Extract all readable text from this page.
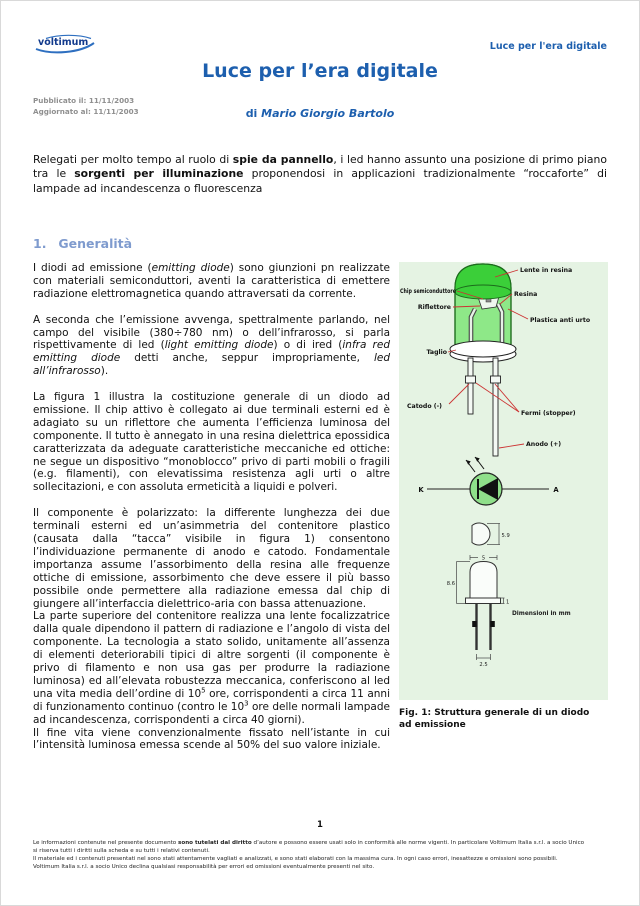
voltimum	Luce per l'era digitale
Luce per l’era digitale
Pubblicato il: 11/11/2003
Aggiornato al: 11/11/2003	di Mario Giorgio Bartolo
Relegati per molto tempo al ruolo di spie da pannello, i led hanno assunto una posizione di primo piano tra le sorgenti per illuminazione proponendosi in applicazioni tradizionalmente “roccaforte” di lampade ad incandescenza o fluorescenza
1. Generalità

I diodi ad emissione (emitting diode) sono giunzioni pn realizzate con materiali semiconduttori, aventi la caratteristica di emettere radiazione elettromagnetica quando attraversati da corrente.

A seconda che l’emissione avvenga, spettralmente parlando, nel campo del visibile (380÷780 nm) o dell’infrarosso, si parla rispettivamente di led (light emitting diode) o di ired (infra red emitting diode detti anche, seppur impropriamente, led all’infrarosso).

La figura 1 illustra la costituzione generale di un diodo ad emissione. Il chip attivo è collegato ai due terminali esterni ed è adagiato su un riflettore che aumenta l’efficienza luminosa del componente. Il tutto è annegato in una resina dielettrica epossidica caratterizzata da adeguate caratteristiche meccaniche ed ottiche: ne segue un dispositivo “monoblocco” privo di parti mobili o fragili (e.g. filamenti), con elevatissima resistenza agli urti o altre sollecitazioni, e con assoluta ermeticità a liquidi e polveri.

Il componente è polarizzato: la differente lunghezza dei due terminali esterni ed un’asimmetria del contenitore plastico (causata dalla “tacca” visibile in figura 1) consentono l’individuazione permanente di anodo e catodo. Fondamentale importanza assume l’assorbimento della resina alle frequenze ottiche di emissione, assorbimento che deve essere il più basso possibile onde permettere alla radiazione emessa dal chip di giungere all’interfaccia dielettrico-aria con bassa attenuazione.
La parte superiore del contenitore realizza una lente focalizzatrice dalla quale dipendono il pattern di radiazione e l’angolo di vista del componente. La tecnologia a stato solido, unitamente all’assenza di elementi deteriorabili tipici di altre sorgenti (il componente è privo di filamento e non usa gas per produrre la radiazione luminosa) ed all’elevata robustezza meccanica, conferiscono al led una vita media dell’ordine di $10^5$ ore, corrispondenti a circa 11 anni di funzionamento continuo (contro le $10^3$ ore delle normali lampade ad incandescenza, corrispondenti a circa 40 giorni).
Il fine vita viene convenzionalmente fissato nell’istante in cui l’intensità luminosa emessa scende al 50% del suo valore iniziale.

Lente in resina
Chip semiconduttore	Resina
Riflettore
Plastica anti urto
Taglio
Catodo (-)
Fermi (stopper)
Anodo (+)
K	A
5.9
5
8.6
1
2.5
Dimensioni in mm
Fig. 1: Struttura generale di un diodo ad emissione
1
Le informazioni contenute nel presente documento sono tutelati dal diritto d’autore e possono essere usati solo in conformità alle norme vigenti. In particolare Voltimum Italia s.r.l. a socio Unico
si riserva tutti i diritti sulla scheda e su tutti i relativi contenuti.
Il materiale ed i contenuti presentati nel sono stati attentamente vagliati e analizzati, e sono stati elaborati con la massima cura. In ogni caso errori, inesattezze e omissioni sono possibili.
Voltimum Italia s.r.l. a socio Unico declina qualsiasi responsabilità per errori ed omissioni eventualmente presenti nel sito.
